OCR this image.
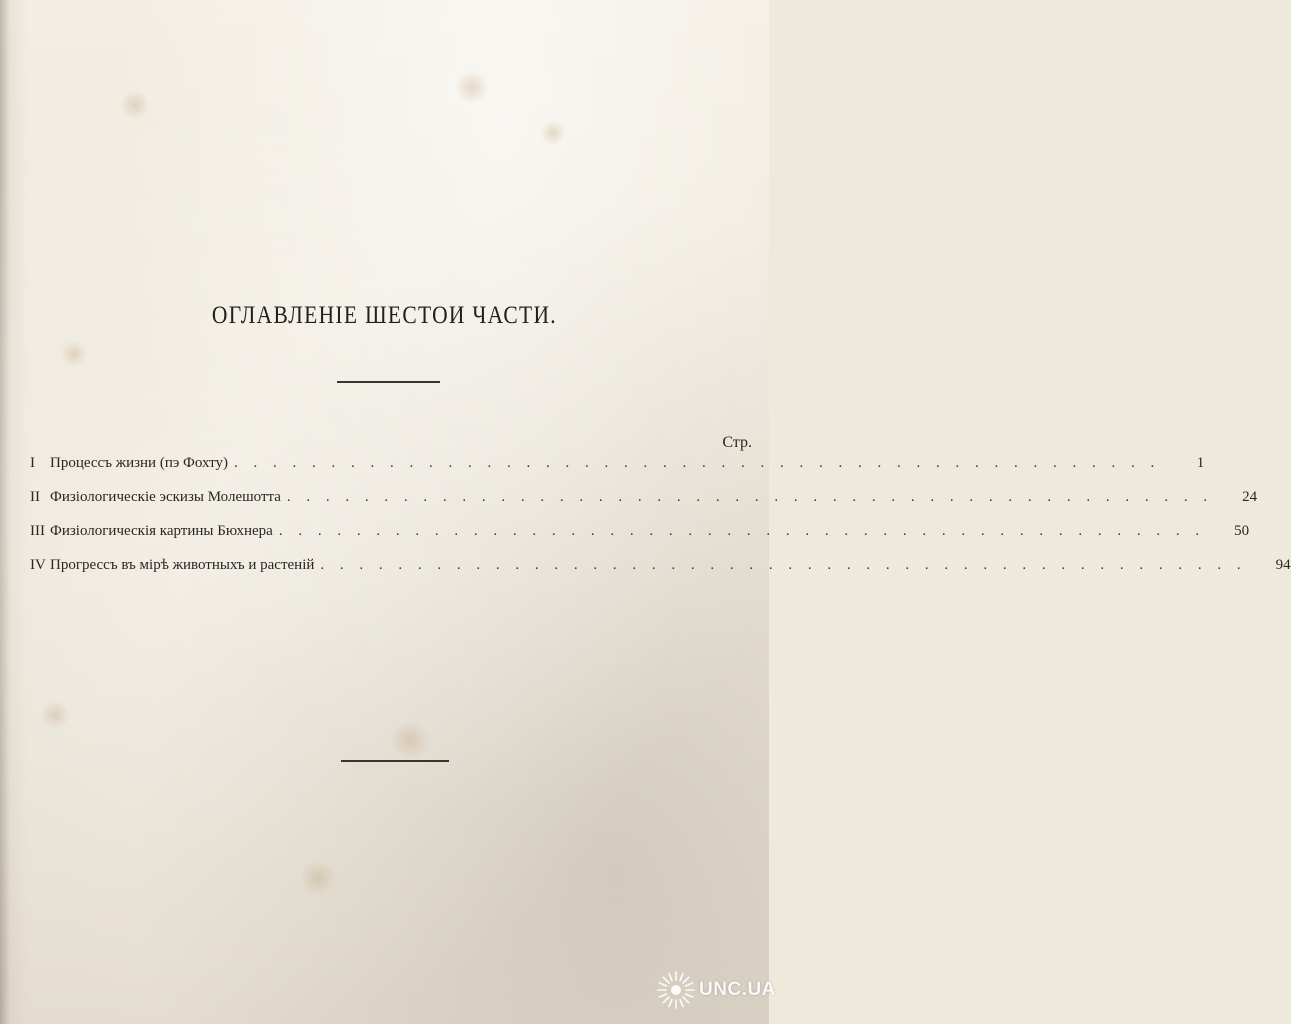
ОГЛАВЛЕНІЕ ШЕСТОИ ЧАСТИ.
Стр.
I	Процессъ жизни (пэ Фохту) . . . . . . . . . . . . . . . . . . . . . . . . . . . . . . . . . . . . . . . . . . . . . . . .	1
II Физіологическіе эскизы Молешотта . . . . . . . . . . . . . . . . . . . . . . . . . . . . . . . . . . . . . . . . . . . . . . . .	24
III Физіологическія картины Бюхнера . . . . . . . . . . . . . . . . . . . . . . . . . . . . . . . . . . . . . . . . . . . . . . . .	50
IV Прогрессъ въ мірѣ животныхъ и растеній . . . . . . . . . . . . . . . . . . . . . . . . . . . . . . . . . . . . . . . . . . . . . . . .	94
UNC.UA
